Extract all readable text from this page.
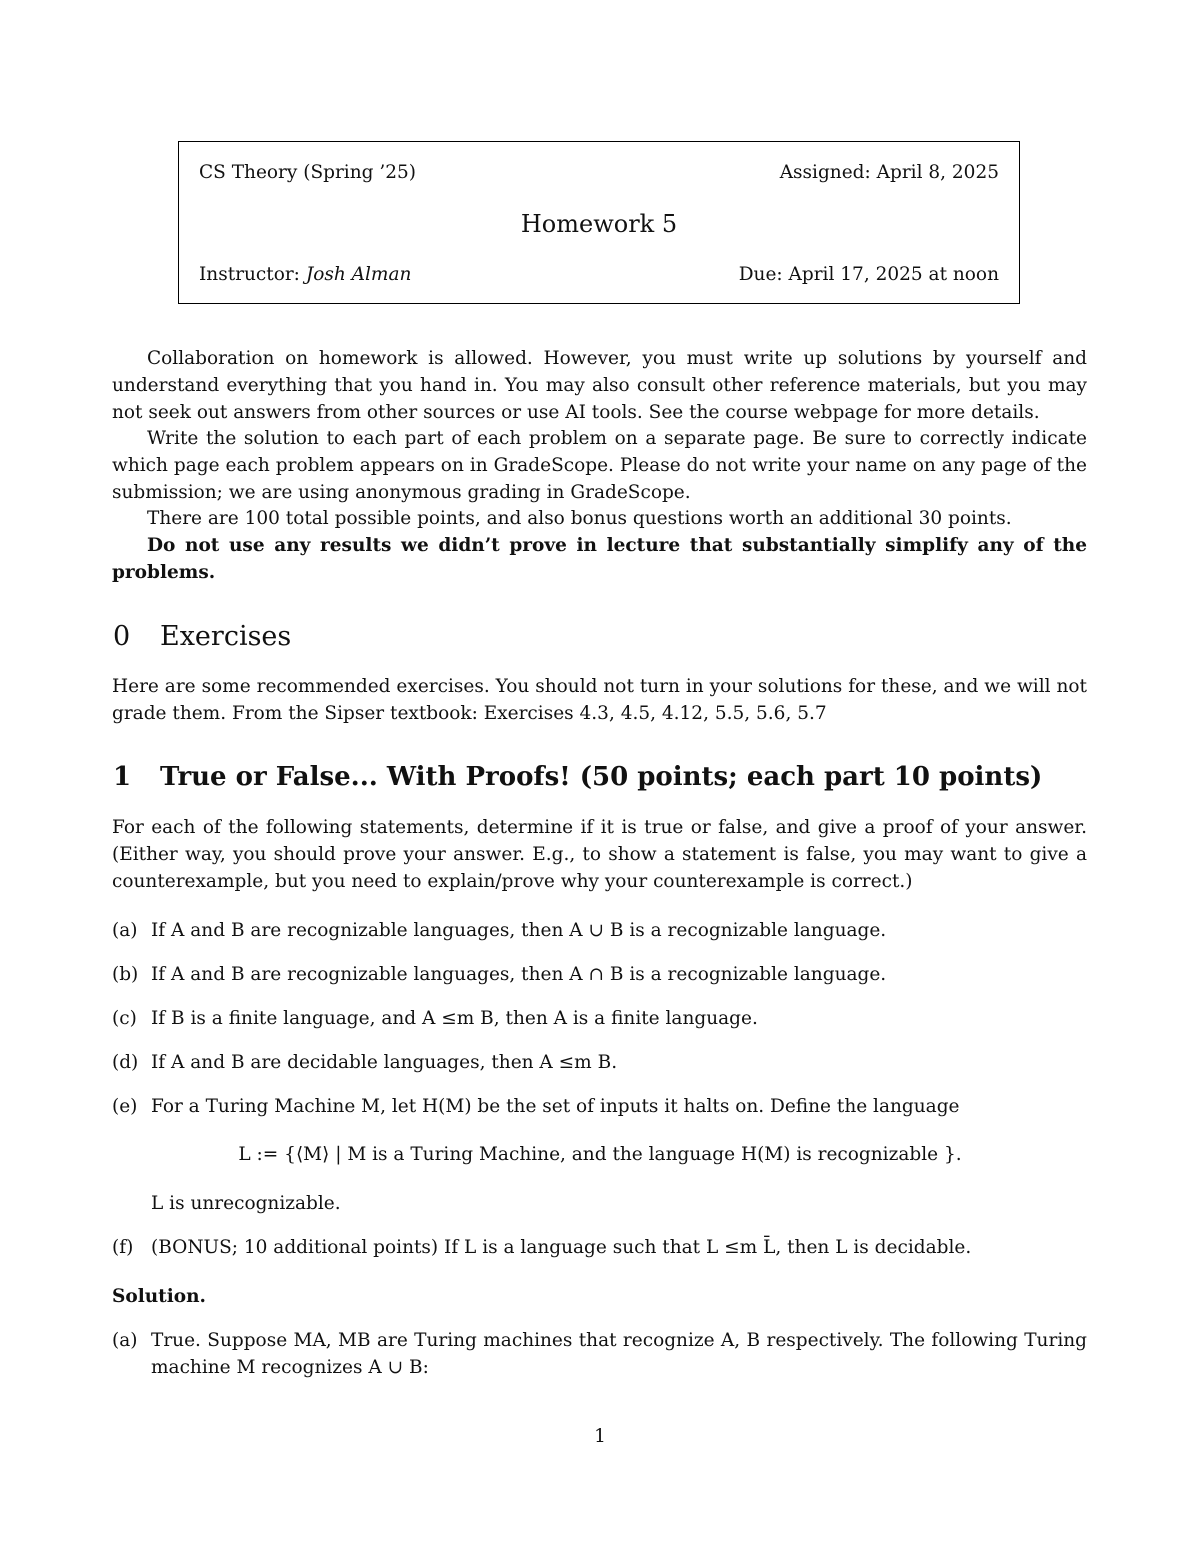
CS Theory (Spring ’25)	Assigned: April 8, 2025
Homework 5
Instructor: Josh Alman	Due: April 17, 2025 at noon
Collaboration on homework is allowed. However, you must write up solutions by yourself and understand everything that you hand in. You may also consult other reference materials, but you may not seek out answers from other sources or use AI tools. See the course webpage for more details.
Write the solution to each part of each problem on a separate page. Be sure to correctly indicate which page each problem appears on in GradeScope. Please do not write your name on any page of the submission; we are using anonymous grading in GradeScope.
There are 100 total possible points, and also bonus questions worth an additional 30 points.
Do not use any results we didn’t prove in lecture that substantially simplify any of the problems.
0 Exercises
Here are some recommended exercises. You should not turn in your solutions for these, and we will not grade them. From the Sipser textbook: Exercises 4.3, 4.5, 4.12, 5.5, 5.6, 5.7
1 True or False... With Proofs! (50 points; each part 10 points)
For each of the following statements, determine if it is true or false, and give a proof of your answer. (Either way, you should prove your answer. E.g., to show a statement is false, you may want to give a counterexample, but you need to explain/prove why your counterexample is correct.)
(a) If A and B are recognizable languages, then A ∪ B is a recognizable language.
(b) If A and B are recognizable languages, then A ∩ B is a recognizable language.
(c) If B is a finite language, and A ≤m B, then A is a finite language.
(d) If A and B are decidable languages, then A ≤m B.
(e) For a Turing Machine M, let H(M) be the set of inputs it halts on. Define the language
L := {⟨M⟩ | M is a Turing Machine, and the language H(M) is recognizable }.
L is unrecognizable.
(f) (BONUS; 10 additional points) If L is a language such that L ≤m L̄, then L is decidable.
Solution.
(a) True. Suppose MA, MB are Turing machines that recognize A, B respectively. The following Turing machine M recognizes A ∪ B:
1
